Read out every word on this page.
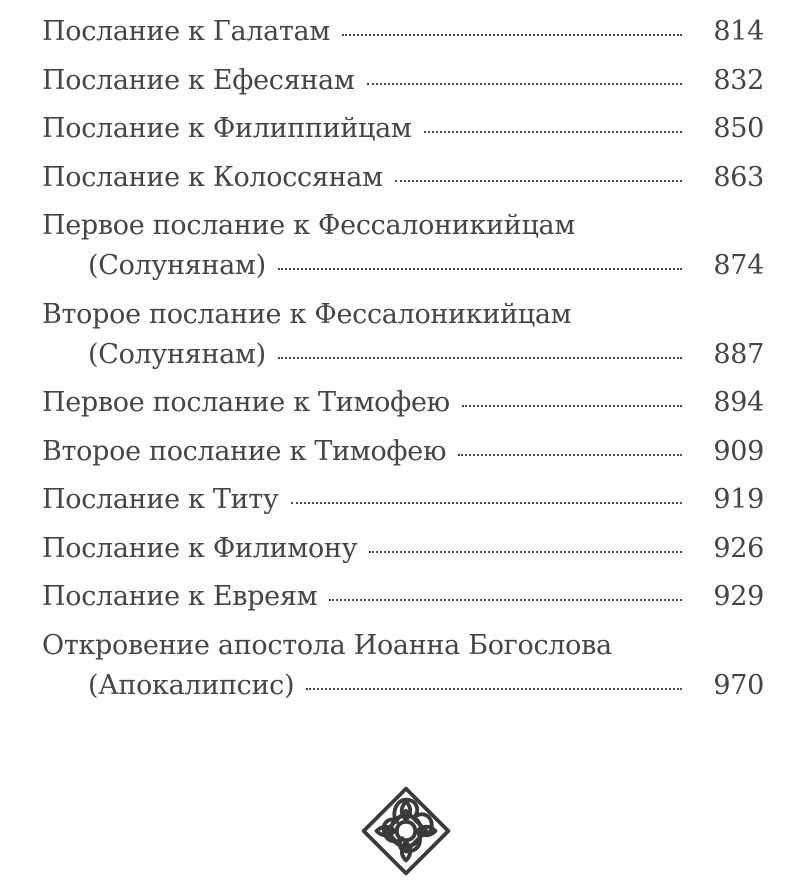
Послание к Галатам	814
Послание к Ефесянам	832
Послание к Филиппийцам	850
Послание к Колоссянам	863
Первое послание к Фессалоникийцам
(Солунянам)	874
Второе послание к Фессалоникийцам
(Солунянам)	887
Первое послание к Тимофею	894
Второе послание к Тимофею	909
Послание к Титу	919
Послание к Филимону	926
Послание к Евреям	929
Откровение апостола Иоанна Богослова
(Апокалипсис)	970
